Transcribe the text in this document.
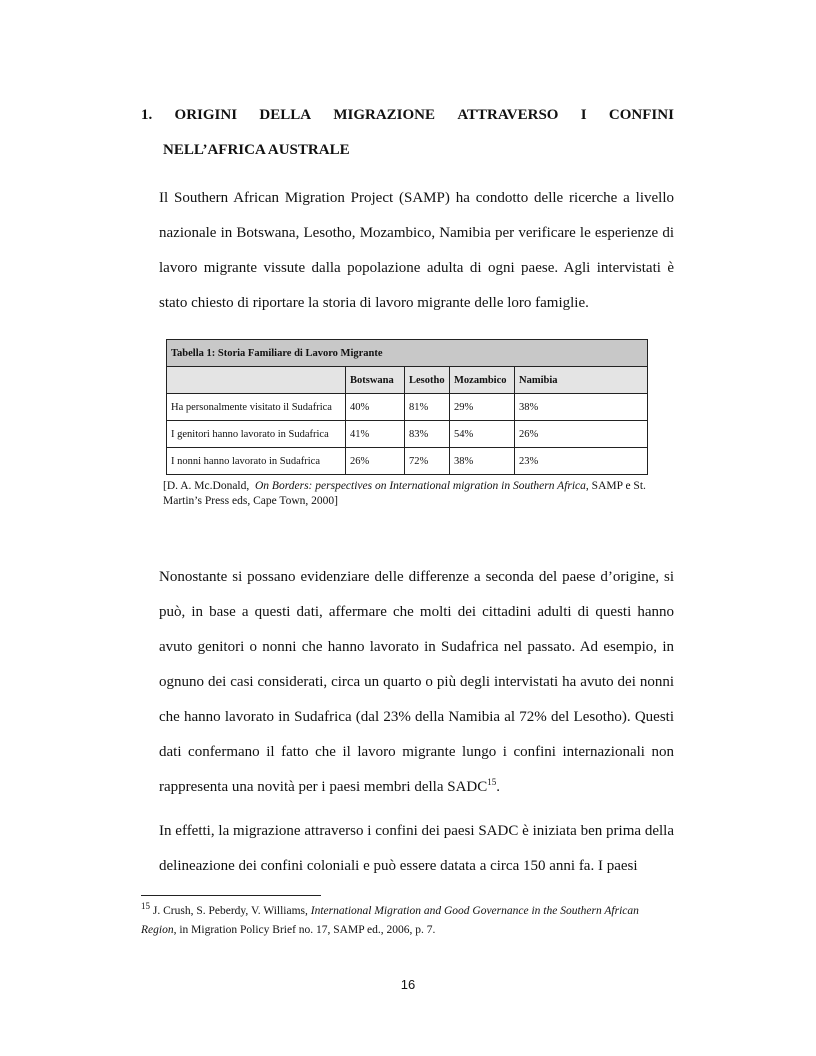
1. ORIGINI DELLA MIGRAZIONE ATTRAVERSO I CONFINI
NELL’AFRICA AUSTRALE

Il Southern African Migration Project (SAMP) ha condotto delle ricerche a livello nazionale in Botswana, Lesotho, Mozambico, Namibia per verificare le esperienze di lavoro migrante vissute dalla popolazione adulta di ogni paese. Agli intervistati è stato chiesto di riportare la storia di lavoro migrante delle loro famiglie.

Tabella 1: Storia Familiare di Lavoro Migrante				
	Botswana	Lesotho	Mozambico	Namibia
Ha personalmente visitato il Sudafrica	40%	81%	29%	38%
I genitori hanno lavorato in Sudafrica	41%	83%	54%	26%
I nonni hanno lavorato in Sudafrica	26%	72%	38%	23%
[D. A. Mc.Donald, On Borders: perspectives on International migration in Southern Africa, SAMP e St. Martin’s Press eds, Cape Town, 2000]

Nonostante si possano evidenziare delle differenze a seconda del paese d’origine, si può, in base a questi dati, affermare che molti dei cittadini adulti di questi hanno avuto genitori o nonni che hanno lavorato in Sudafrica nel passato. Ad esempio, in ognuno dei casi considerati, circa un quarto o più degli intervistati ha avuto dei nonni che hanno lavorato in Sudafrica (dal 23% della Namibia al 72% del Lesotho). Questi dati confermano il fatto che il lavoro migrante lungo i confini internazionali non rappresenta una novità per i paesi membri della SADC$^{15}$.

In effetti, la migrazione attraverso i confini dei paesi SADC è iniziata ben prima della delineazione dei confini coloniali e può essere datata a circa 150 anni fa. I paesi

$^{15}$ J. Crush, S. Peberdy, V. Williams, International Migration and Good Governance in the Southern African Region, in Migration Policy Brief no. 17, SAMP ed., 2006, p. 7.
16
